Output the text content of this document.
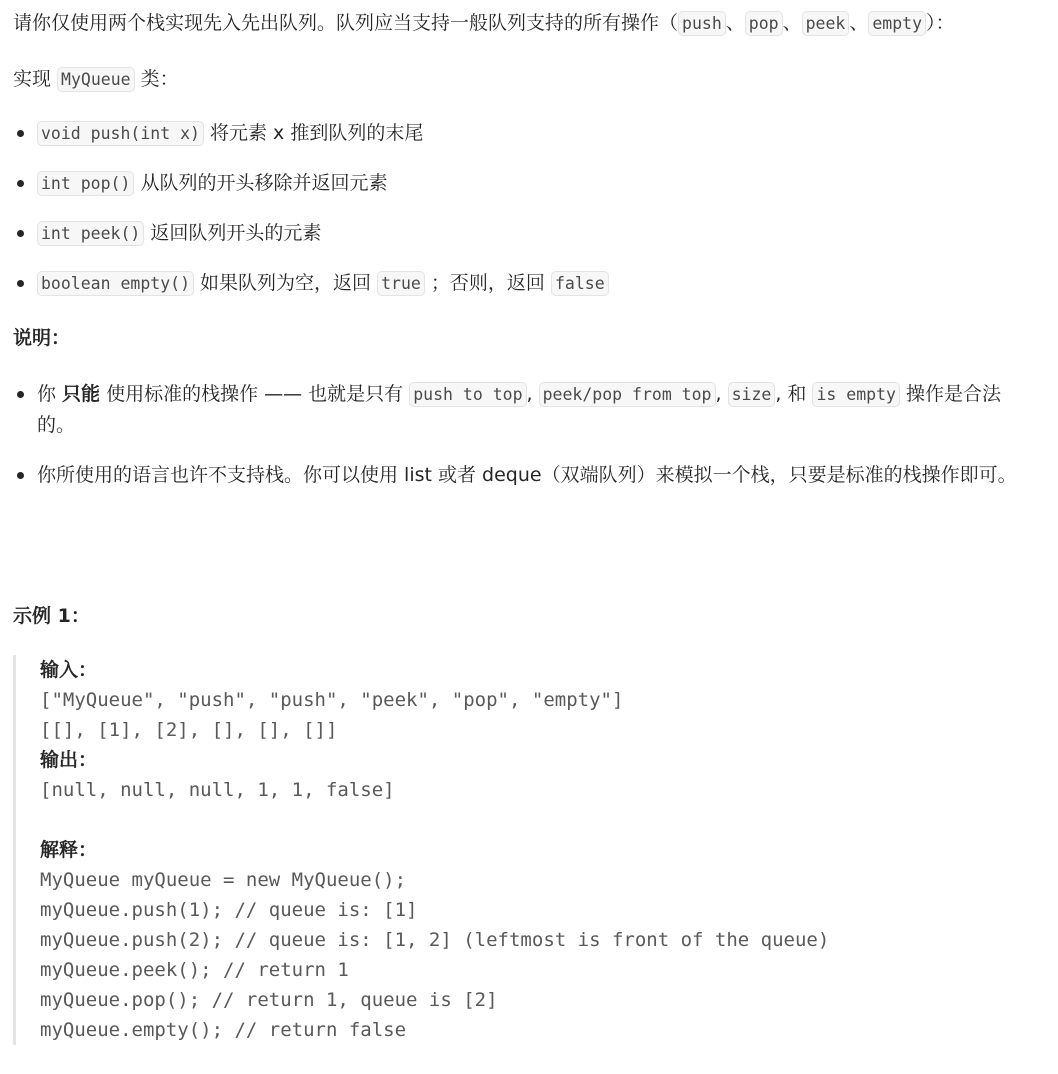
请你仅使用两个栈实现先入先出队列。队列应当支持一般队列支持的所有操作（ push 、 pop 、 peek 、 empty ）：

实现 MyQueue 类：

void push(int x) 将元素 x 推到队列的末尾
int pop() 从队列的开头移除并返回元素
int peek() 返回队列开头的元素
boolean empty() 如果队列为空，返回 true ；否则，返回 false

说明：

你 只能 使用标准的栈操作 —— 也就是只有 push to top , peek/pop from top , size , 和 is empty 操作是合法的。
你所使用的语言也许不支持栈。你可以使用 list 或者 deque（双端队列）来模拟一个栈，只要是标准的栈操作即可。

示例 1：

输入：
["MyQueue", "push", "push", "peek", "pop", "empty"]
[[], [1], [2], [], [], []]
输出：
[null, null, null, 1, 1, false]
解释：
MyQueue myQueue = new MyQueue();
myQueue.push(1); // queue is: [1]
myQueue.push(2); // queue is: [1, 2] (leftmost is front of the queue)
myQueue.peek(); // return 1
myQueue.pop(); // return 1, queue is [2]
myQueue.empty(); // return false
